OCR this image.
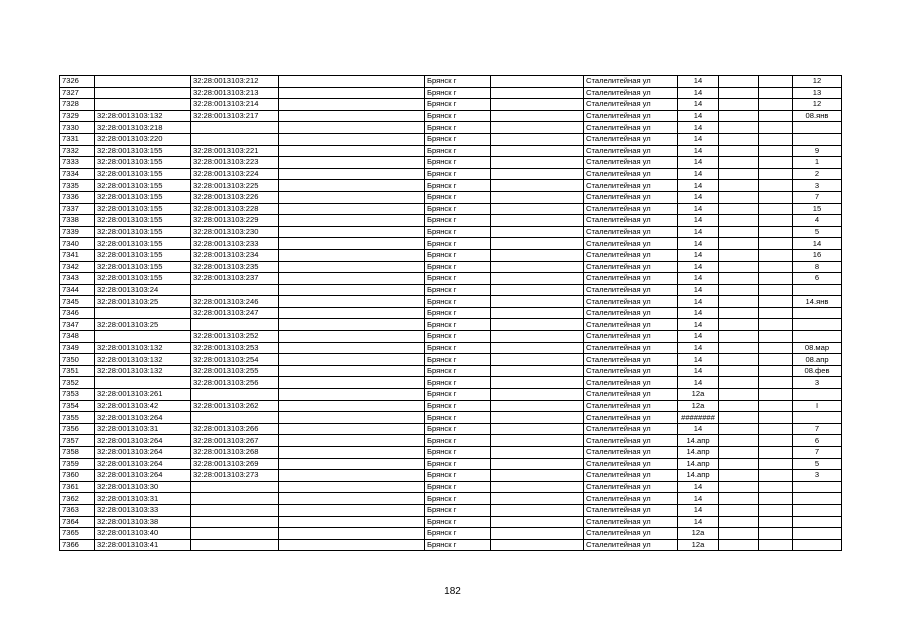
7326		32:28:0013103:212		Брянск г		Сталелитейная ул	14			12
7327		32:28:0013103:213		Брянск г		Сталелитейная ул	14			13
7328		32:28:0013103:214		Брянск г		Сталелитейная ул	14			12
7329	32:28:0013103:132	32:28:0013103:217		Брянск г		Сталелитейная ул	14			08.янв
7330	32:28:0013103:218			Брянск г		Сталелитейная ул	14			
7331	32:28:0013103:220			Брянск г		Сталелитейная ул	14			
7332	32:28:0013103:155	32:28:0013103:221		Брянск г		Сталелитейная ул	14			9
7333	32:28:0013103:155	32:28:0013103:223		Брянск г		Сталелитейная ул	14			1
7334	32:28:0013103:155	32:28:0013103:224		Брянск г		Сталелитейная ул	14			2
7335	32:28:0013103:155	32:28:0013103:225		Брянск г		Сталелитейная ул	14			3
7336	32:28:0013103:155	32:28:0013103:226		Брянск г		Сталелитейная ул	14			7
7337	32:28:0013103:155	32:28:0013103:228		Брянск г		Сталелитейная ул	14			15
7338	32:28:0013103:155	32:28:0013103:229		Брянск г		Сталелитейная ул	14			4
7339	32:28:0013103:155	32:28:0013103:230		Брянск г		Сталелитейная ул	14			5
7340	32:28:0013103:155	32:28:0013103:233		Брянск г		Сталелитейная ул	14			14
7341	32:28:0013103:155	32:28:0013103:234		Брянск г		Сталелитейная ул	14			16
7342	32:28:0013103:155	32:28:0013103:235		Брянск г		Сталелитейная ул	14			8
7343	32:28:0013103:155	32:28:0013103:237		Брянск г		Сталелитейная ул	14			6
7344	32:28:0013103:24			Брянск г		Сталелитейная ул	14			
7345	32:28:0013103:25	32:28:0013103:246		Брянск г		Сталелитейная ул	14			14.янв
7346		32:28:0013103:247		Брянск г		Сталелитейная ул	14			
7347	32:28:0013103:25			Брянск г		Сталелитейная ул	14			
7348		32:28:0013103:252		Брянск г		Сталелитейная ул	14			
7349	32:28:0013103:132	32:28:0013103:253		Брянск г		Сталелитейная ул	14			08.мар
7350	32:28:0013103:132	32:28:0013103:254		Брянск г		Сталелитейная ул	14			08.апр
7351	32:28:0013103:132	32:28:0013103:255		Брянск г		Сталелитейная ул	14			08.фев
7352		32:28:0013103:256		Брянск г		Сталелитейная ул	14			3
7353	32:28:0013103:261			Брянск г		Сталелитейная ул	12а			
7354	32:28:0013103:42	32:28:0013103:262		Брянск г		Сталелитейная ул	12а			I
7355	32:28:0013103:264			Брянск г		Сталелитейная ул	########			
7356	32:28:0013103:31	32:28:0013103:266		Брянск г		Сталелитейная ул	14			7
7357	32:28:0013103:264	32:28:0013103:267		Брянск г		Сталелитейная ул	14.апр			6
7358	32:28:0013103:264	32:28:0013103:268		Брянск г		Сталелитейная ул	14.апр			7
7359	32:28:0013103:264	32:28:0013103:269		Брянск г		Сталелитейная ул	14.апр			5
7360	32:28:0013103:264	32:28:0013103:273		Брянск г		Сталелитейная ул	14.апр			3
7361	32:28:0013103:30			Брянск г		Сталелитейная ул	14			
7362	32:28:0013103:31			Брянск г		Сталелитейная ул	14			
7363	32:28:0013103:33			Брянск г		Сталелитейная ул	14			
7364	32:28:0013103:38			Брянск г		Сталелитейная ул	14			
7365	32:28:0013103:40			Брянск г		Сталелитейная ул	12а			
7366	32:28:0013103:41			Брянск г		Сталелитейная ул	12а			
182
